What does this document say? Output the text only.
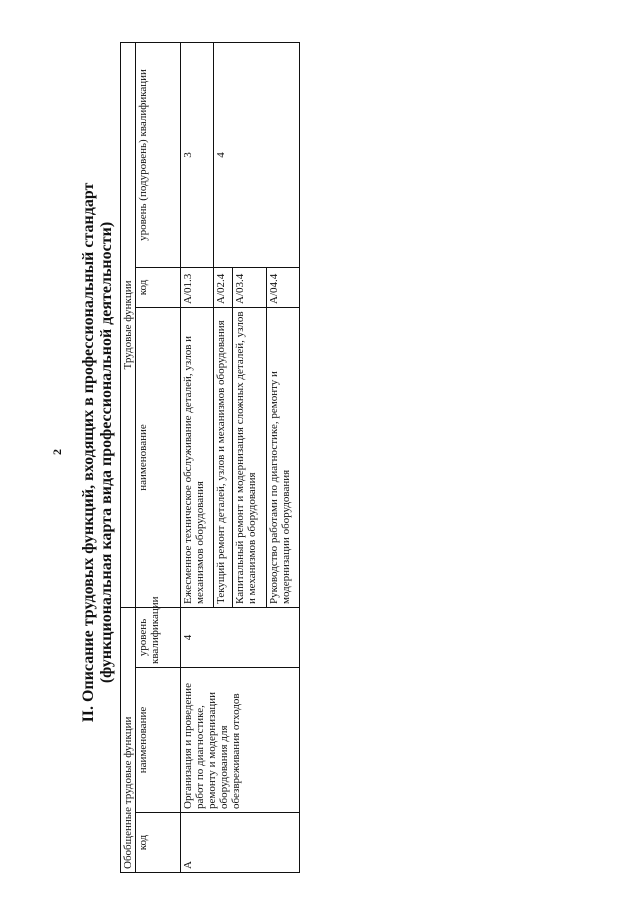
2 II. Описание трудовых функций, входящих в профессиональный стандарт (функциональная карта вида профессиональной деятельности)
Обобщенные трудовые функции			Трудовые функции		
код	наименование	уровень квалификации	наименование	код	уровень (подуровень) квалификации
A	Организация и проведение работ по диагностике, ремонту и модернизации оборудования для обезвреживания отходов	4	Ежесменное техническое обслуживание деталей, узлов и механизмов оборудования	A/01.3	3
			Текущий ремонт деталей, узлов и механизмов оборудования	A/02.4	4
			Капитальный ремонт и модернизация сложных деталей, узлов и механизмов оборудования	A/03.4	
			Руководство работами по диагностике, ремонту и модернизации оборудования	A/04.4	
